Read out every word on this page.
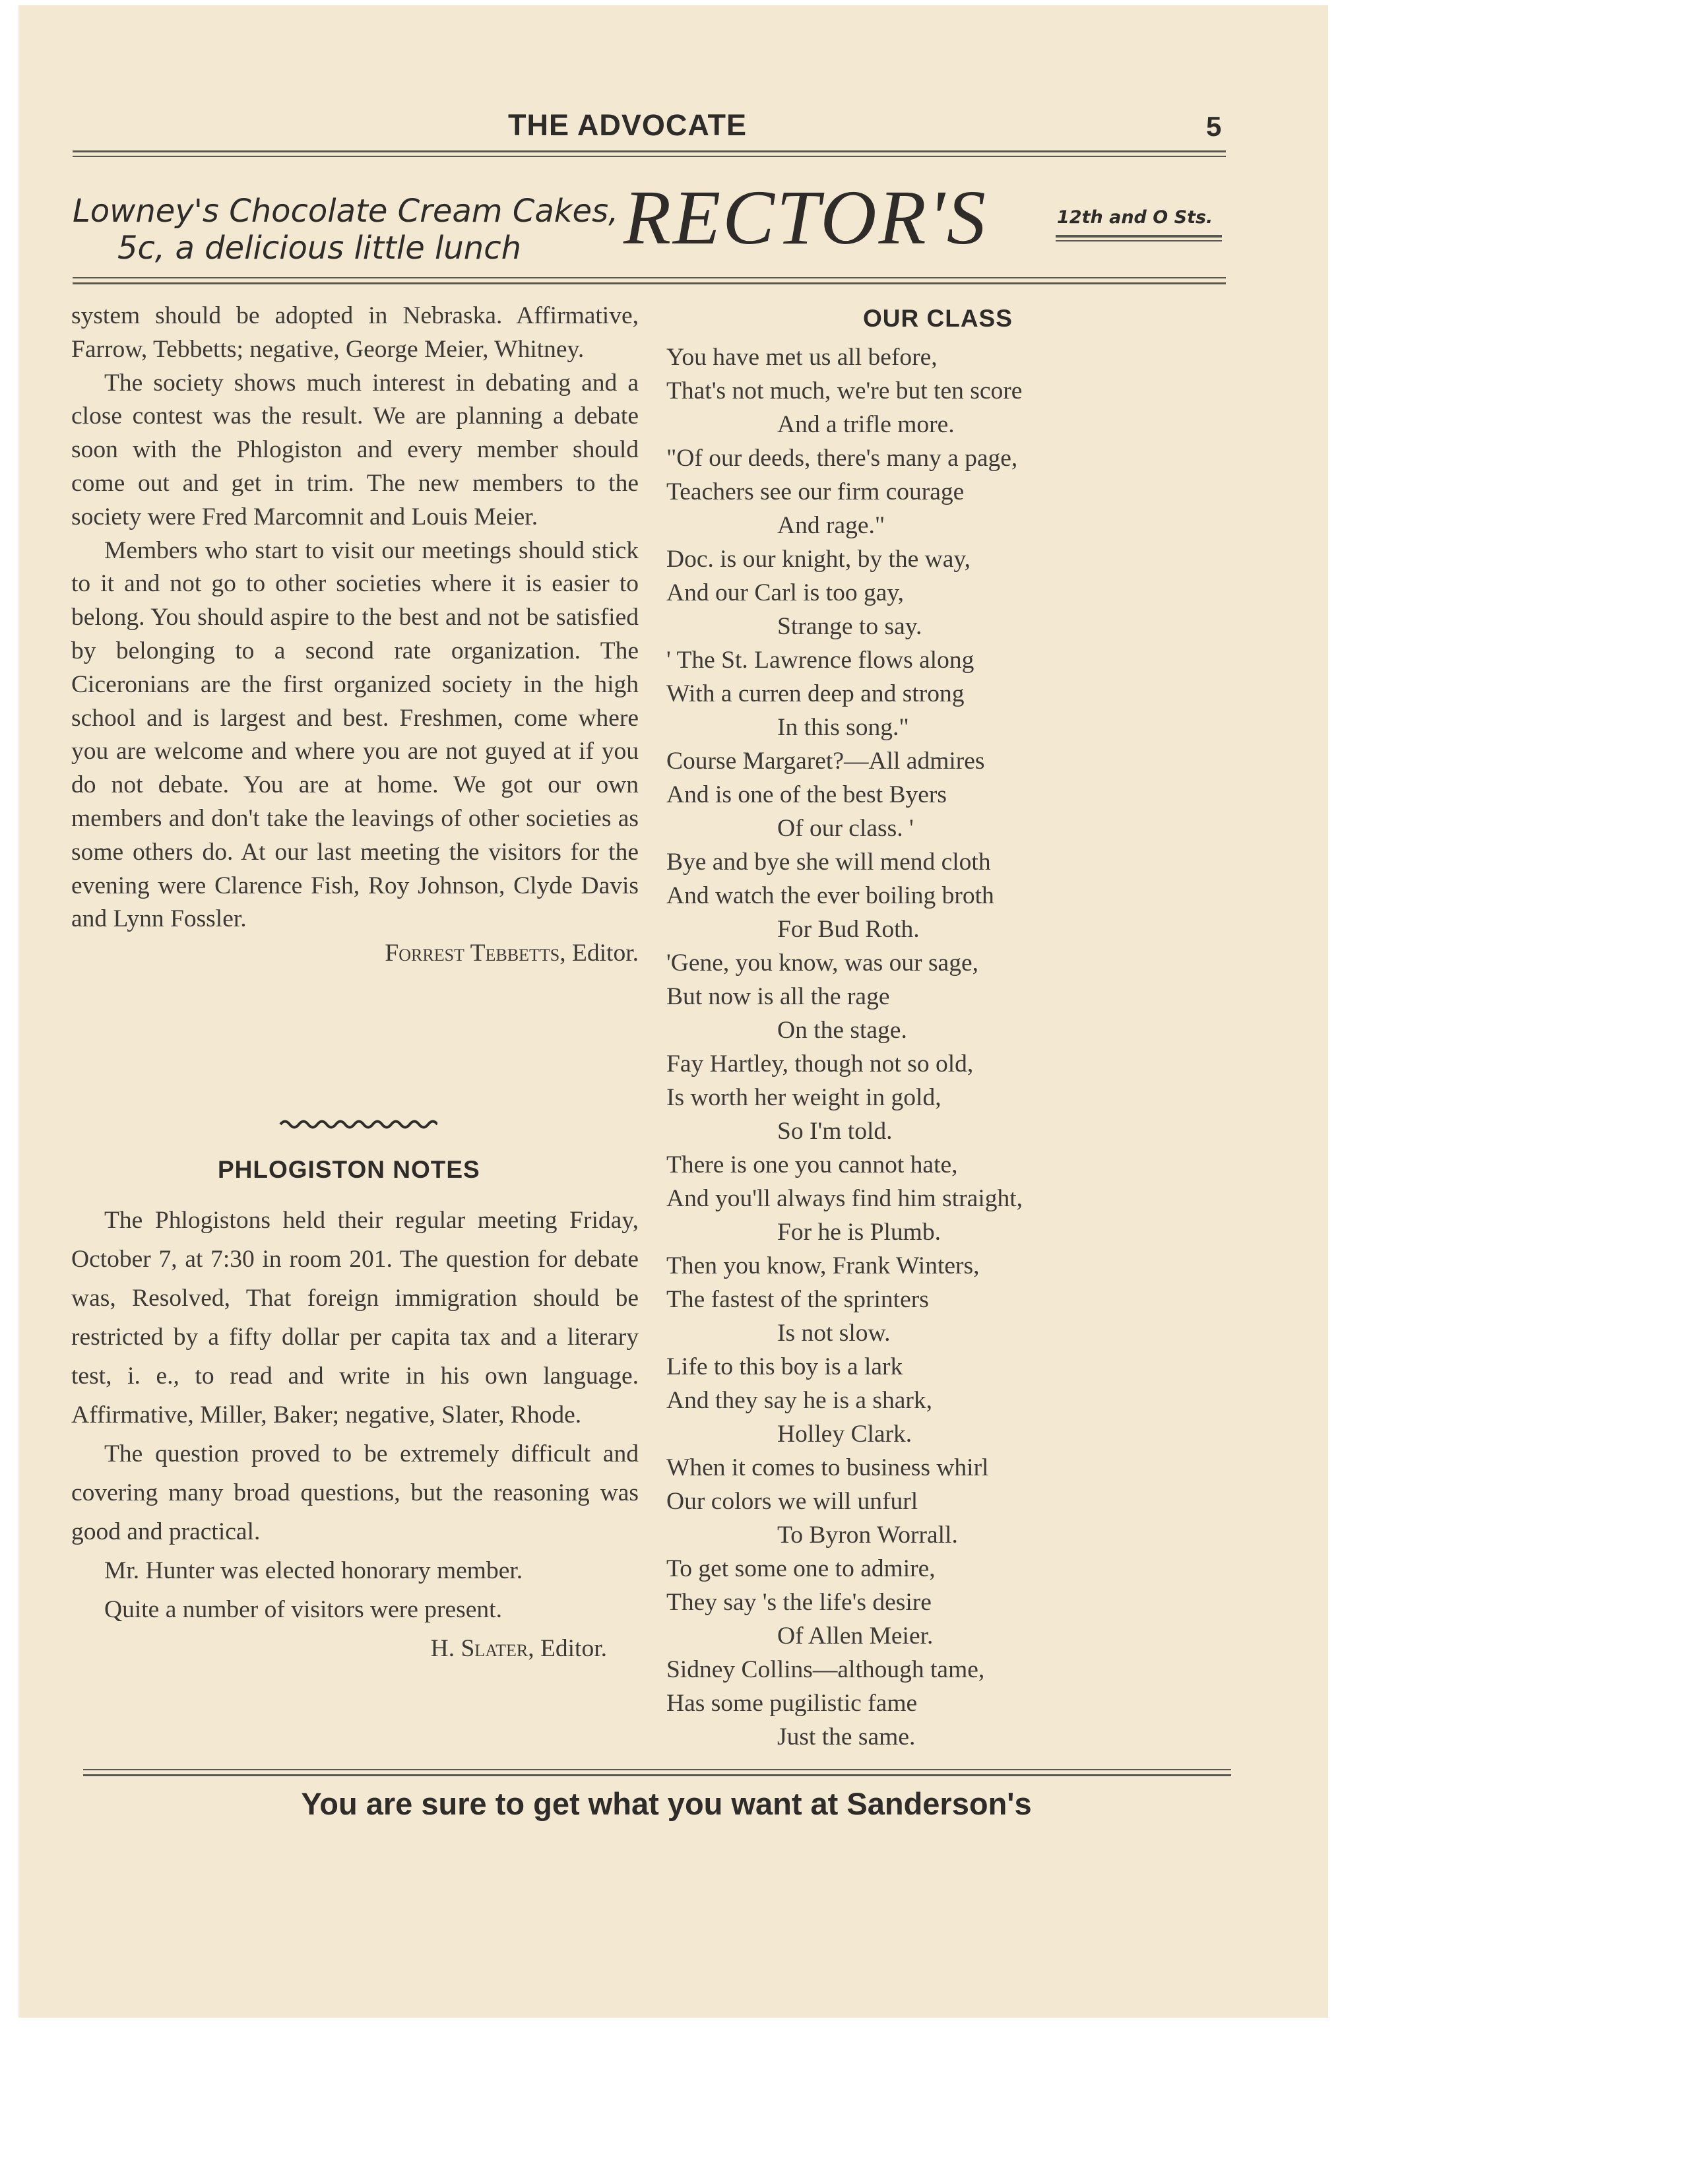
THE ADVOCATE	5
Lowney's Chocolate Cream Cakes,
5c, a delicious little lunch	RECTOR'S	12th and O Sts.

system should be adopted in Nebraska. Affirmative, Farrow, Tebbetts; negative, George Meier, Whitney.

The society shows much interest in debating and a close contest was the result. We are planning a debate soon with the Phlogiston and every member should come out and get in trim. The new members to the society were Fred Marcomnit and Louis Meier.

Members who start to visit our meetings should stick to it and not go to other societies where it is easier to belong. You should aspire to the best and not be satisfied by belonging to a second rate organization. The Ciceronians are the first organized society in the high school and is largest and best. Freshmen, come where you are welcome and where you are not guyed at if you do not debate. You are at home. We got our own members and don't take the leavings of other societies as some others do. At our last meeting the visitors for the evening were Clarence Fish, Roy Johnson, Clyde Davis and Lynn Fossler.

Forrest Tebbetts, Editor.
PHLOGISTON NOTES

The Phlogistons held their regular meeting Friday, October 7, at 7:30 in room 201. The question for debate was, Resolved, That foreign immigration should be restricted by a fifty dollar per capita tax and a literary test, i. e., to read and write in his own language. Affirmative, Miller, Baker; negative, Slater, Rhode.

The question proved to be extremely difficult and covering many broad questions, but the reasoning was good and practical.

Mr. Hunter was elected honorary member.

Quite a number of visitors were present.

H. Slater, Editor.
OUR CLASS
You have met us all before,
That's not much, we're but ten score
And a trifle more.
"Of our deeds, there's many a page,
Teachers see our firm courage
And rage."
Doc. is our knight, by the way,
And our Carl is too gay,
Strange to say.
' The St. Lawrence flows along
With a curren deep and strong
In this song."
Course Margaret?—All admires
And is one of the best Byers
Of our class. '
Bye and bye she will mend cloth
And watch the ever boiling broth
For Bud Roth.
'Gene, you know, was our sage,
But now is all the rage
On the stage.
Fay Hartley, though not so old,
Is worth her weight in gold,
So I'm told.
There is one you cannot hate,
And you'll always find him straight,
For he is Plumb.
Then you know, Frank Winters,
The fastest of the sprinters
Is not slow.
Life to this boy is a lark
And they say he is a shark,
Holley Clark.
When it comes to business whirl
Our colors we will unfurl
To Byron Worrall.
To get some one to admire,
They say 's the life's desire
Of Allen Meier.
Sidney Collins—although tame,
Has some pugilistic fame
Just the same.
You are sure to get what you want at Sanderson's
